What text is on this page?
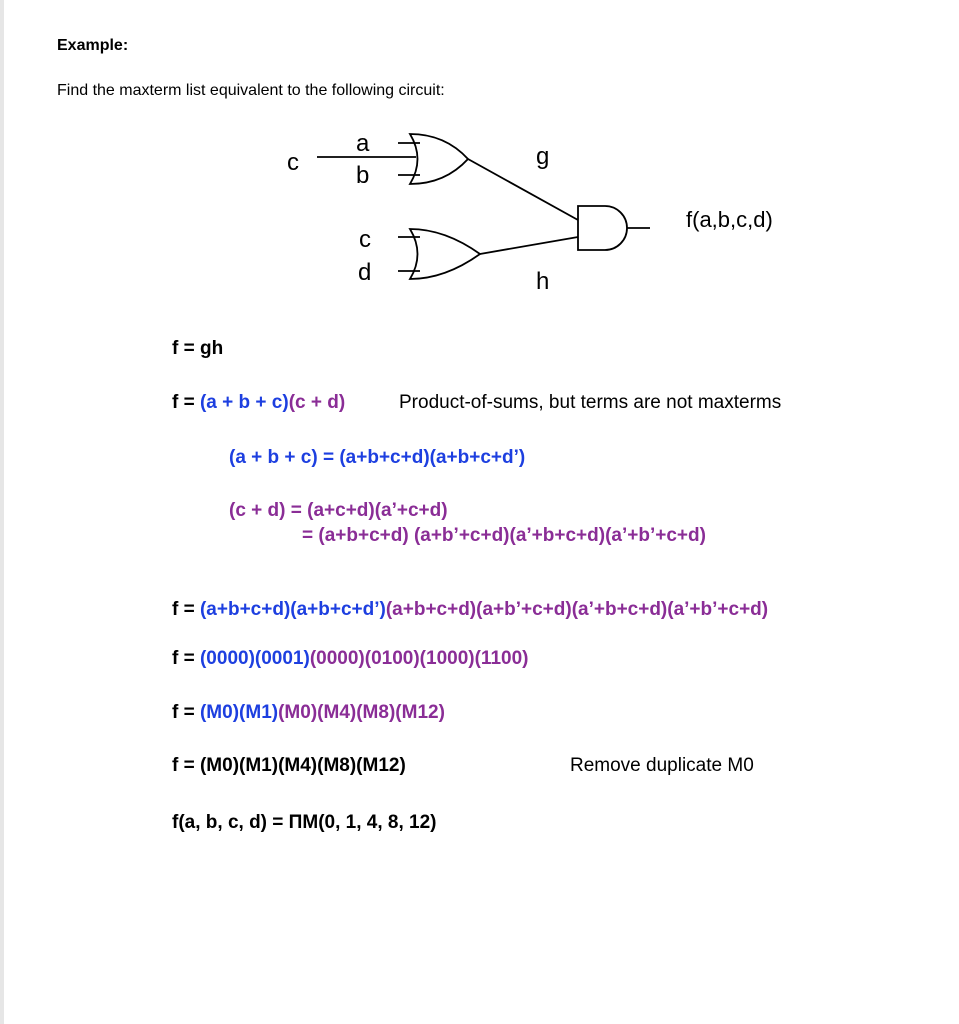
Example:
Find the maxterm list equivalent to the following circuit:
c
a
b
c
d
g
h
f(a,b,c,d)
f = gh
f = (a + b + c)(c + d)	Product-of-sums, but terms are not maxterms
(a + b + c) = (a+b+c+d)(a+b+c+d’)
(c + d) = (a+c+d)(a’+c+d)
= (a+b+c+d) (a+b’+c+d)(a’+b+c+d)(a’+b’+c+d)
f = (a+b+c+d)(a+b+c+d’)(a+b+c+d)(a+b’+c+d)(a’+b+c+d)(a’+b’+c+d)
f = (0000)(0001)(0000)(0100)(1000)(1100)
f = (M0)(M1)(M0)(M4)(M8)(M12)
f = (M0)(M1)(M4)(M8)(M12)	Remove duplicate M0
f(a, b, c, d) = ΠM(0, 1, 4, 8, 12)
